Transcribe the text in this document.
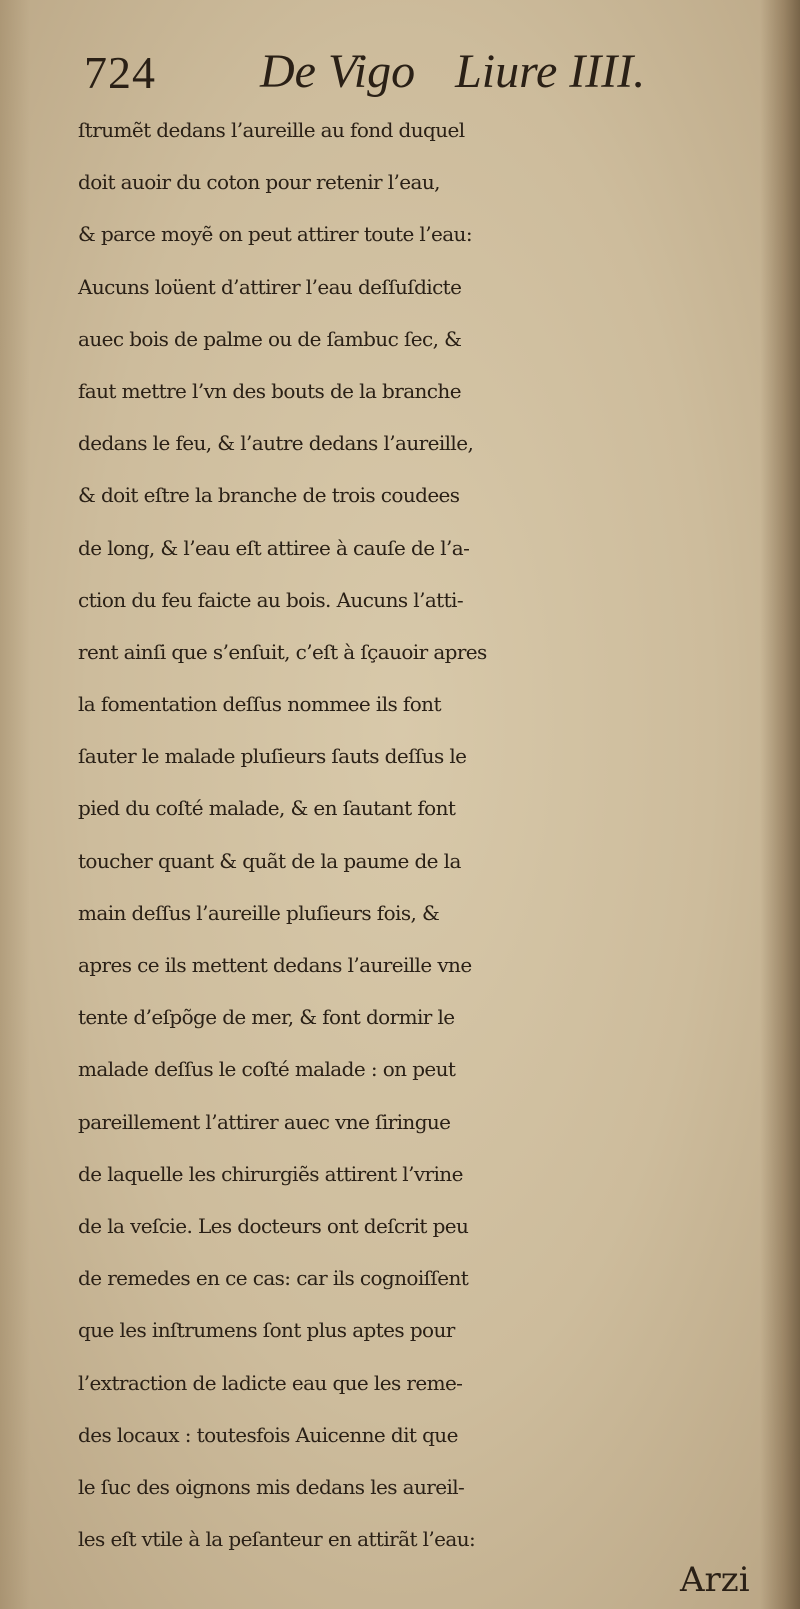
724 De Vigo Liure IIII.
ſtrumẽt dedans l’aureille au fond duquel
doit auoir du coton pour retenir l’eau,
& parce moyẽ on peut attirer toute l’eau:
Aucuns loüent d’attirer l’eau deſſuſdicte
auec bois de palme ou de ſambuc ſec, &
faut mettre l’vn des bouts de la branche
dedans le feu, & l’autre dedans l’aureille,
& doit eſtre la branche de trois coudees
de long, & l’eau eſt attiree à cauſe de l’a-
ction du feu faicte au bois. Aucuns l’atti-
rent ainſi que s’enſuit, c’eſt à ſçauoir apres
la fomentation deſſus nommee ils font
ſauter le malade pluſieurs ſauts deſſus le
pied du coſté malade, & en ſautant font
toucher quant & quãt de la paume de la
main deſſus l’aureille pluſieurs fois, &
apres ce ils mettent dedans l’aureille vne
tente d’eſpõge de mer, & font dormir le
malade deſſus le coſté malade : on peut
pareillement l’attirer auec vne ſiringue
de laquelle les chirurgiẽs attirent l’vrine
de la veſcie. Les docteurs ont deſcrit peu
de remedes en ce cas: car ils cognoiſſent
que les inſtrumens ſont plus aptes pour
l’extraction de ladicte eau que les reme-
des locaux : toutesfois Auicenne dit que
le ſuc des oignons mis dedans les aureil-
les eſt vtile à la peſanteur en attirãt l’eau:
Arzi
